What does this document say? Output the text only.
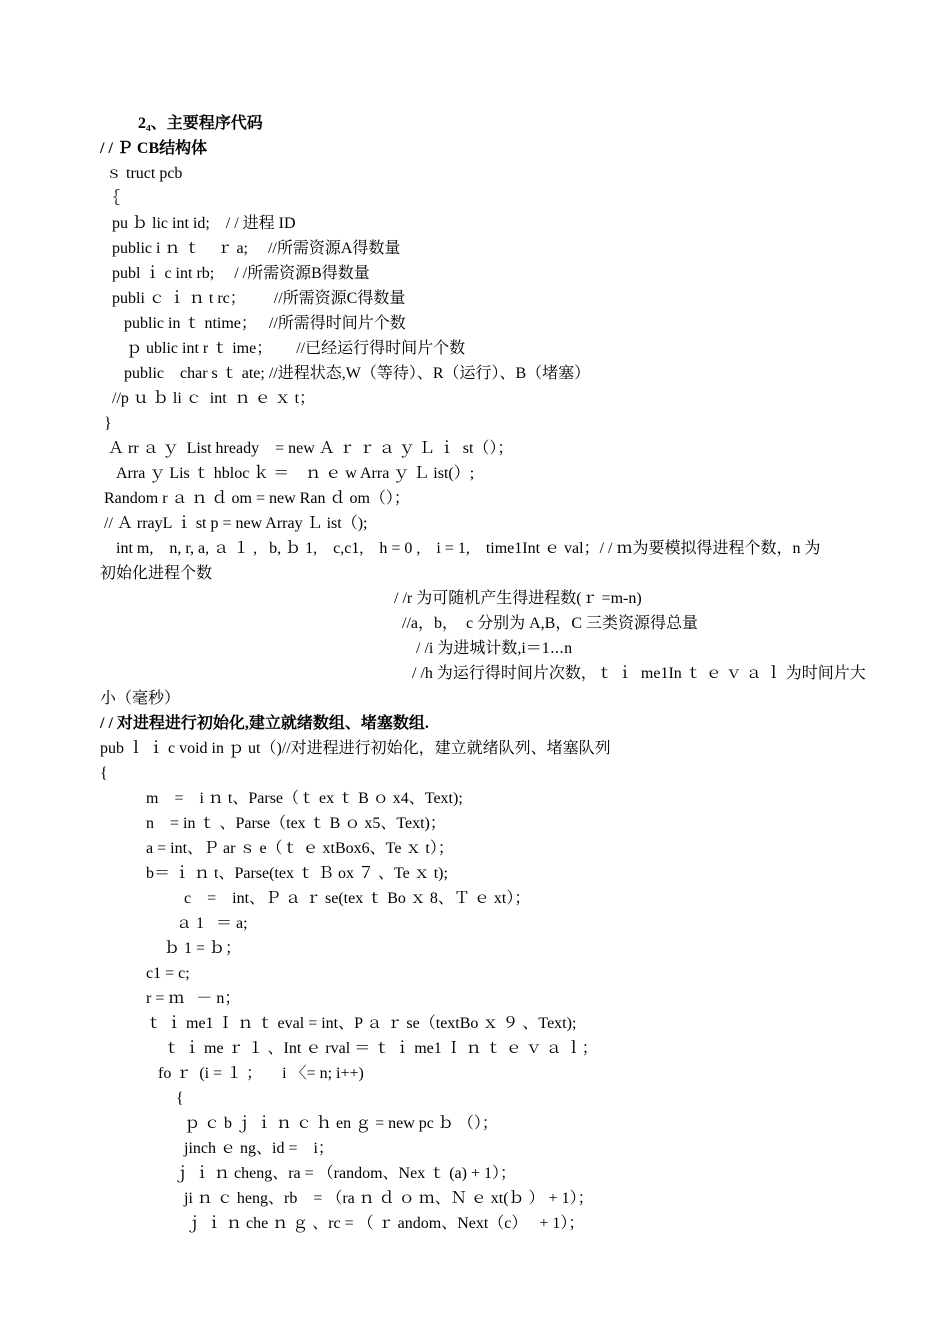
2₄、主要程序代码
/ / Ｐ CB结构体
ｓ truct pcb
｛
pu ｂ lic int id;    / / 进程 ID
public i ｎ ｔ    ｒ a;     //所需资源A得数量
publ ｉ c int rb;     / /所需资源B得数量
publi ｃ ｉ ｎ t rc；       //所需资源C得数量
public in ｔ ntime；   //所需得时间片个数
ｐ ublic int r ｔ ime；      //已经运行得时间片个数
public    char s ｔ ate; //进程状态,W（等待）、R（运行）、B（堵塞）
//p ｕ ｂ li ｃ  int  ｎ ｅ ｘ t；
}
Ａ rr ａ ｙ  List hready    = new Ａ ｒ ｒ ａ ｙ Ｌ ｉ  st（）；
Arra ｙ Lis ｔ hbloc ｋ ＝    ｎ ｅ w Arra ｙ Ｌ ist(）;
Random r ａ ｎ ｄ om = new Ran ｄ om（）；
// Ａ rrayL ｉ st p = new Array Ｌ ist（);
int m,    n, r, a, ａ １ ,   b, ｂ 1,    c,c1,    h = 0 ,    i = 1,    time1Int ｅ val；/ / ｍ为要模拟得进程个数，n 为
初始化进程个数
/ /r 为可随机产生得进程数(ｒ =m-n)
//a，b，  c 分别为 A,B，C 三类资源得总量
/ /i 为进城计数,i＝1⋯n
/ /h 为运行得时间片次数，ｔ ｉ  me1In ｔ ｅ ｖ ａ ｌ 为时间片大
小（毫秒）
/ / 对进程进行初始化,建立就绪数组、堵塞数组.
pub ｌ ｉ c void in ｐ ut（)//对进程进行初始化，建立就绪队列、堵塞队列
{
m    =    i ｎ t、Parse（ｔ ex ｔ B ｏ x4、Text);
n    = in ｔ 、Parse（tex ｔ B ｏ x5、Text)；
a = int、Ｐ ar ｓ e（ｔ ｅ xtBox6、Te ｘ t）；
b＝ ｉ ｎ t、Parse(tex ｔ Ｂ ox ７ 、Te ｘ t);
c    =    int、Ｐ ａ ｒ se(tex ｔ Bo ｘ 8、Ｔ ｅ xt）；
ａ 1   ＝ a;
ｂ 1 = ｂ；
c1 = c;
r = ｍ   － n；
ｔ ｉ me1 Ｉ ｎ ｔ eval = int、P ａ ｒ se（textBo ｘ ９ 、Text);
ｔ ｉ me ｒ １ 、Int ｅ rval ＝ ｔ ｉ me1 Ｉ ｎ ｔ ｅ ｖ ａ ｌ；
fo ｒ  (i = １ ；     i 〈= n; i++)
{
ｐ ｃ b ｊ ｉ ｎ ｃ ｈ en ｇ = new pc ｂ （）；
jinch ｅ ng、id =    i；
ｊ ｉ ｎ cheng、ra = （random、Nex ｔ (a) + 1）；
ji ｎ ｃ heng、rb    = （ra ｎ ｄ ｏ ｍ、Ｎ ｅ xt(ｂ ） + 1）；
ｊ ｉ ｎ che ｎ ｇ 、rc = （ ｒ andom、Next（c）   + 1）；
